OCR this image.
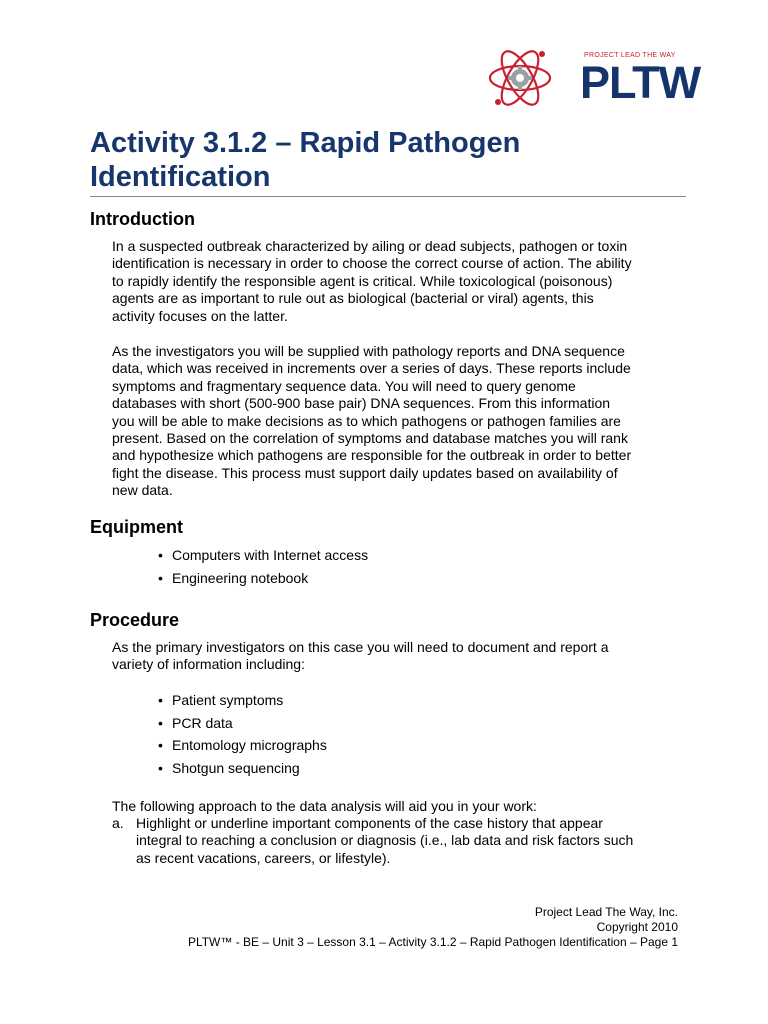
PROJECT LEAD THE WAY
PLTW
Activity 3.1.2 – Rapid Pathogen
Identification
Introduction
In a suspected outbreak characterized by ailing or dead subjects, pathogen or toxin
identification is necessary in order to choose the correct course of action. The ability
to rapidly identify the responsible agent is critical. While toxicological (poisonous)
agents are as important to rule out as biological (bacterial or viral) agents, this
activity focuses on the latter.
As the investigators you will be supplied with pathology reports and DNA sequence
data, which was received in increments over a series of days. These reports include
symptoms and fragmentary sequence data. You will need to query genome
databases with short (500-900 base pair) DNA sequences. From this information
you will be able to make decisions as to which pathogens or pathogen families are
present. Based on the correlation of symptoms and database matches you will rank
and hypothesize which pathogens are responsible for the outbreak in order to better
fight the disease. This process must support daily updates based on availability of
new data.
Equipment
• Computers with Internet access
• Engineering notebook
Procedure
As the primary investigators on this case you will need to document and report a
variety of information including:
• Patient symptoms
• PCR data
• Entomology micrographs
• Shotgun sequencing
The following approach to the data analysis will aid you in your work:
a. Highlight or underline important components of the case history that appear
integral to reaching a conclusion or diagnosis (i.e., lab data and risk factors such
as recent vacations, careers, or lifestyle).
Project Lead The Way, Inc.
Copyright 2010
PLTW™ - BE – Unit 3 – Lesson 3.1 – Activity 3.1.2 – Rapid Pathogen Identification – Page 1
